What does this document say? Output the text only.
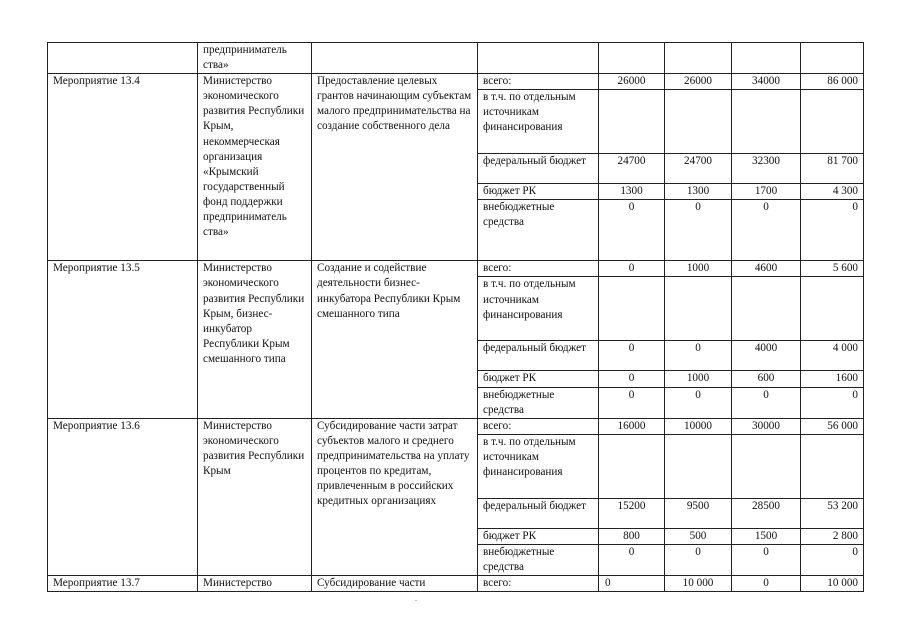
	предприниматель ства»						
Мероприятие 13.4	Министерство экономического развития Республики Крым, некоммерческая организация «Крымский государственный фонд поддержки предприниматель ства»	Предоставление целевых грантов начинающим субъектам малого предпринимательства на создание собственного дела	всего:	26000	26000	34000	86 000
			в т.ч. по отдельным источникам финансирования				
			федеральный бюджет	24700	24700	32300	81 700
			бюджет РК	1300	1300	1700	4 300
			внебюджетные средства	0	0	0	0
Мероприятие 13.5	Министерство экономического развития Республики Крым, бизнес-инкубатор Республики Крым смешанного типа	Создание и содействие деятельности бизнес-инкубатора Республики Крым смешанного типа	всего:	0	1000	4600	5 600
			в т.ч. по отдельным источникам финансирования				
			федеральный бюджет	0	0	4000	4 000
			бюджет РК	0	1000	600	1600
			внебюджетные средства	0	0	0	0
Мероприятие 13.6	Министерство экономического развития Республики Крым	Субсидирование части затрат субъектов малого и среднего предпринимательства на уплату процентов по кредитам, привлеченным в российских кредитных организациях	всего:	16000	10000	30000	56 000
			в т.ч. по отдельным источникам финансирования				
			федеральный бюджет	15200	9500	28500	53 200
			бюджет РК	800	500	1500	2 800
			внебюджетные средства	0	0	0	0
Мероприятие 13.7	Министерство	Субсидирование части	всего:	0	10 000	0	10 000
